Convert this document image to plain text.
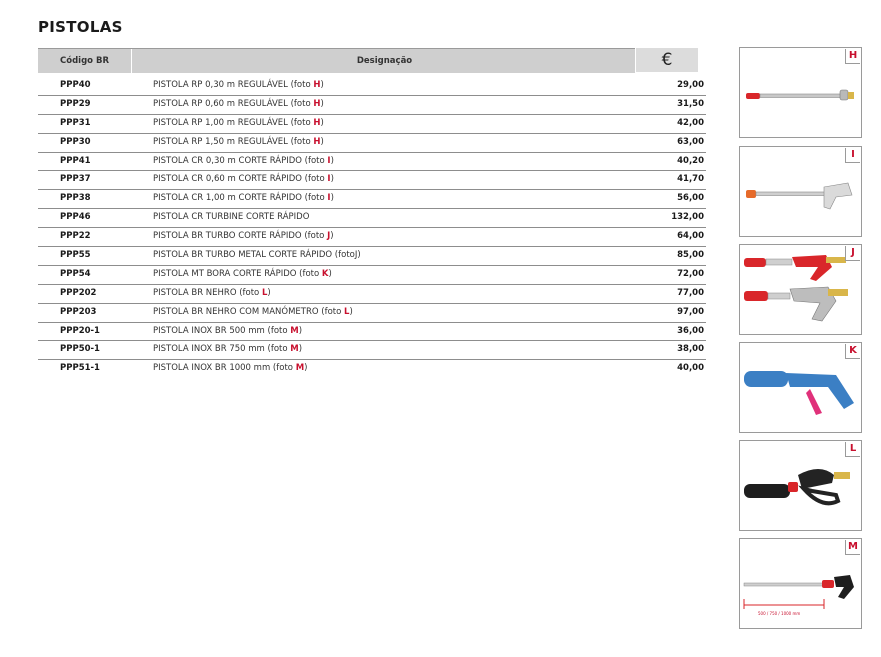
PISTOLAS
Código BR	Designação	€
PPP40	PISTOLA RP 0,30 m REGULÁVEL (foto H)	29,00
PPP29	PISTOLA RP 0,60 m REGULÁVEL (foto H)	31,50
PPP31	PISTOLA RP 1,00 m REGULÁVEL (foto H)	42,00
PPP30	PISTOLA RP 1,50 m REGULÁVEL (foto H)	63,00
PPP41	PISTOLA CR 0,30 m CORTE RÁPIDO (foto I)	40,20
PPP37	PISTOLA CR 0,60 m CORTE RÁPIDO (foto I)	41,70
PPP38	PISTOLA CR 1,00 m CORTE RÁPIDO (foto I)	56,00
PPP46	PISTOLA CR TURBINE CORTE RÁPIDO	132,00
PPP22	PISTOLA BR TURBO CORTE RÁPIDO (foto J)	64,00
PPP55	PISTOLA BR TURBO METAL CORTE RÁPIDO (fotoJ)	85,00
PPP54	PISTOLA MT BORA CORTE RÁPIDO (foto K)	72,00
PPP202	PISTOLA BR NEHRO (foto L)	77,00
PPP203	PISTOLA BR NEHRO COM MANÓMETRO (foto L)	97,00
PPP20-1	PISTOLA INOX BR 500 mm (foto M)	36,00
PPP50-1	PISTOLA INOX BR 750 mm (foto M)	38,00
PPP51-1	PISTOLA INOX BR 1000 mm (foto M)	40,00
H
I
J
K
L
500 / 750 / 1000 mm
M
